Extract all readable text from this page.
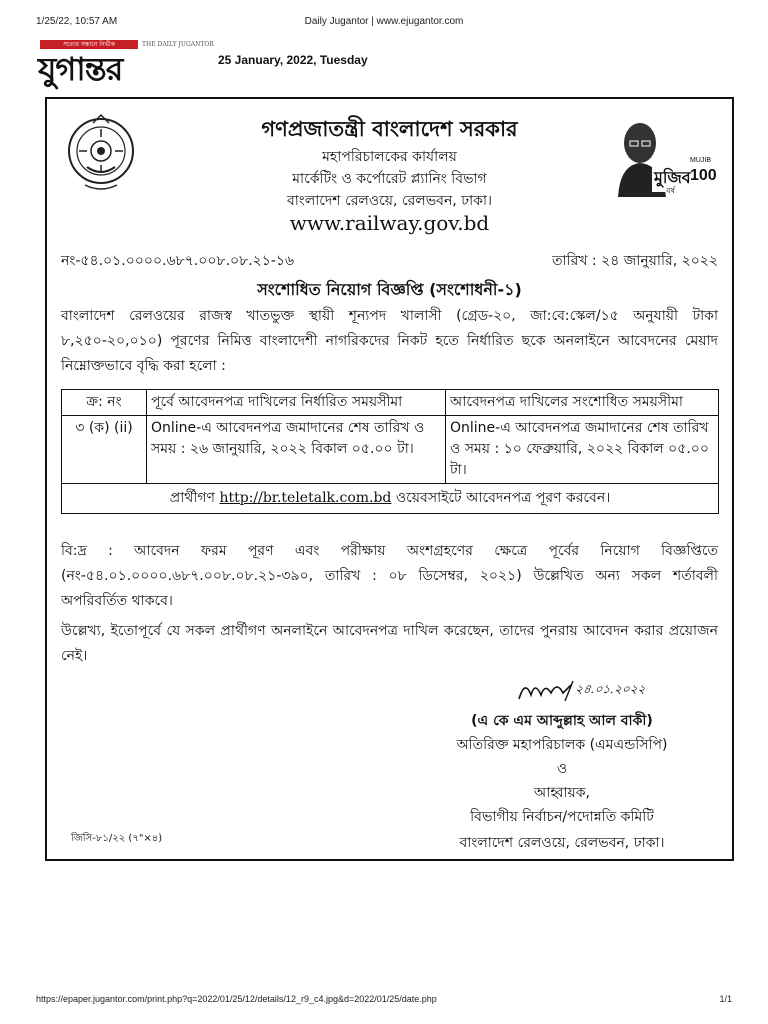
1/25/22, 10:57 AM	Daily Jugantor | www.ejugantor.com
সত্যের সন্ধানে নির্ভীক	THE DAILY JUGANTOR
যুগান্তর	25 January, 2022, Tuesday
মুজিব
MUJIB
100
বর্ষ
গণপ্রজাতন্ত্রী বাংলাদেশ সরকার
মহাপরিচালকের কার্যালয়
মার্কেটিং ও কর্পোরেট প্ল্যানিং বিভাগ
বাংলাদেশ রেলওয়ে, রেলভবন, ঢাকা।
www.railway.gov.bd
নং-৫৪.০১.০০০০.৬৮৭.০০৮.০৮.২১-১৬	তারিখ : ২৪ জানুয়ারি, ২০২২
সংশোধিত নিয়োগ বিজ্ঞপ্তি (সংশোধনী-১)
বাংলাদেশ রেলওয়ের রাজস্ব খাতভুক্ত স্থায়ী শূন্যপদ খালাসী (গ্রেড-২০, জা:বে:স্কেল/১৫ অনুযায়ী টাকা ৮,২৫০-২০,০১০) পূরণের নিমিত্ত বাংলাদেশী নাগরিকদের নিকট হতে নির্ধারিত ছকে অনলাইনে আবেদনের মেয়াদ নিম্নোক্তভাবে বৃদ্ধি করা হলো :
ক্র: নং	পূর্বে আবেদনপত্র দাখিলের নির্ধারিত সময়সীমা	আবেদনপত্র দাখিলের সংশোধিত সময়সীমা
৩ (ক) (ii)	Online-এ আবেদনপত্র জমাদানের শেষ তারিখ ও সময় : ২৬ জানুয়ারি, ২০২২ বিকাল ০৫.০০ টা।	Online-এ আবেদনপত্র জমাদানের শেষ তারিখ ও সময় : ১০ ফেব্রুয়ারি, ২০২২ বিকাল ০৫.০০ টা।
প্রার্থীগণ http://br.teletalk.com.bd ওয়েবসাইটে আবেদনপত্র পূরণ করবেন।		
বি:দ্র : আবেদন ফরম পূরণ এবং পরীক্ষায় অংশগ্রহণের ক্ষেত্রে পূর্বের নিয়োগ বিজ্ঞপ্তিতে (নং-৫৪.০১.০০০০.৬৮৭.০০৮.০৮.২১-৩৯০, তারিখ : ০৮ ডিসেম্বর, ২০২১) উল্লেখিত অন্য সকল শর্তাবলী অপরিবর্তিত থাকবে।
উল্লেখ্য, ইতোপূর্বে যে সকল প্রার্থীগণ অনলাইনে আবেদনপত্র দাখিল করেছেন, তাদের পুনরায় আবেদন করার প্রয়োজন নেই।
২৪.০১.২০২২
(এ কে এম আব্দুল্লাহ আল বাকী)
অতিরিক্ত মহাপরিচালক (এমএন্ডসিপি)
ও
আহ্বায়ক,
বিভাগীয় নির্বাচন/পদোন্নতি কমিটি
বাংলাদেশ রেলওয়ে, রেলভবন, ঢাকা।
জিসি-৮১/২২ (৭"×৪)
https://epaper.jugantor.com/print.php?q=2022/01/25/12/details/12_r9_c4.jpg&d=2022/01/25/date.php	1/1
